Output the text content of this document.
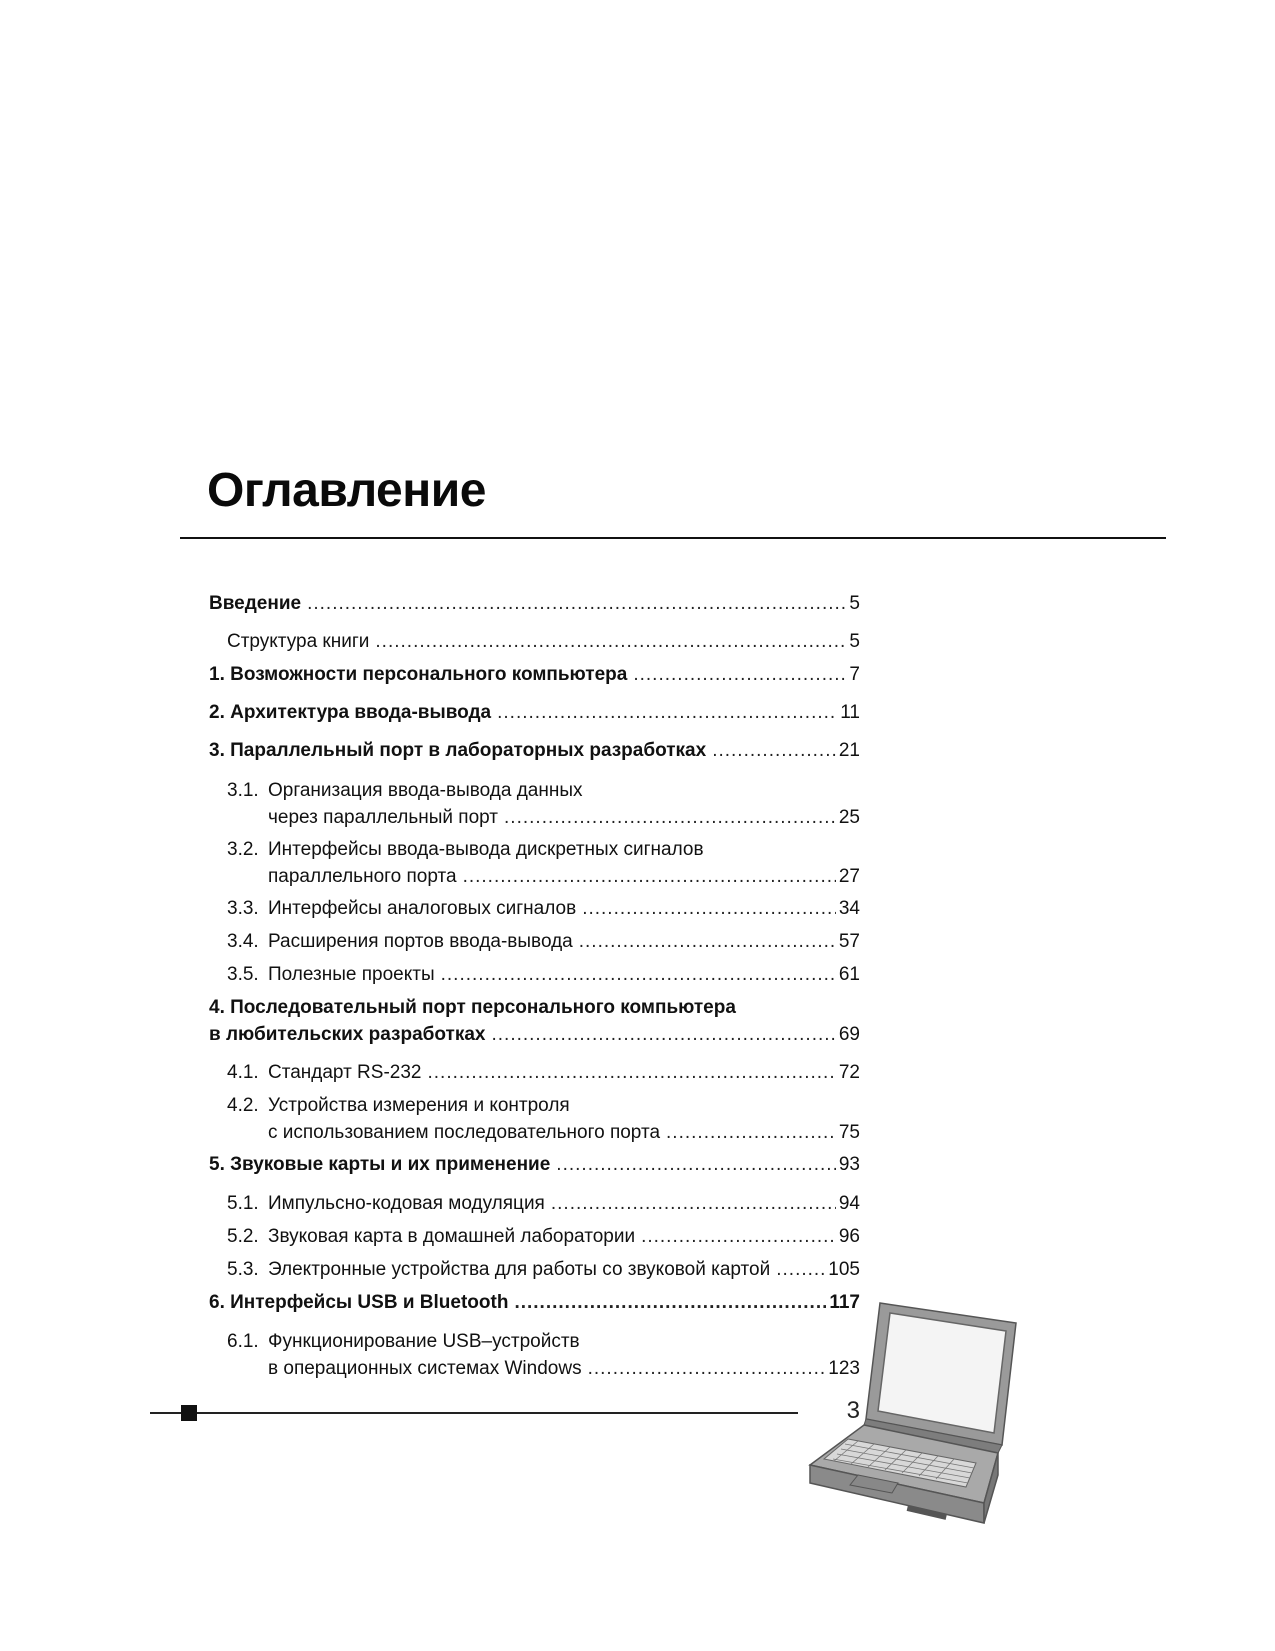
Оглавление
Введение .....	5
Структура книги .....	5
1. Возможности персонального компьютера .....	7
2. Архитектура ввода-вывода .....	11
3. Параллельный порт в лабораторных разработках .....	21
3.1. Организация ввода-вывода данных
через параллельный порт .....	25
3.2. Интерфейсы ввода-вывода дискретных сигналов
параллельного порта .....	27
3.3. Интерфейсы аналоговых сигналов .....	34
3.4. Расширения портов ввода-вывода .....	57
3.5. Полезные проекты .....	61
4. Последовательный порт персонального компьютера
в любительских разработках .....	69
4.1. Стандарт RS-232 .....	72
4.2. Устройства измерения и контроля
с использованием последовательного порта .....	75
5. Звуковые карты и их применение .....	93
5.1. Импульсно-кодовая модуляция .....	94
5.2. Звуковая карта в домашней лаборатории .....	96
5.3. Электронные устройства для работы со звуковой картой .....	105
6. Интерфейсы USB и Bluetooth .....	117
6.1. Функционирование USB–устройств
в операционных системах Windows .....	123
3
